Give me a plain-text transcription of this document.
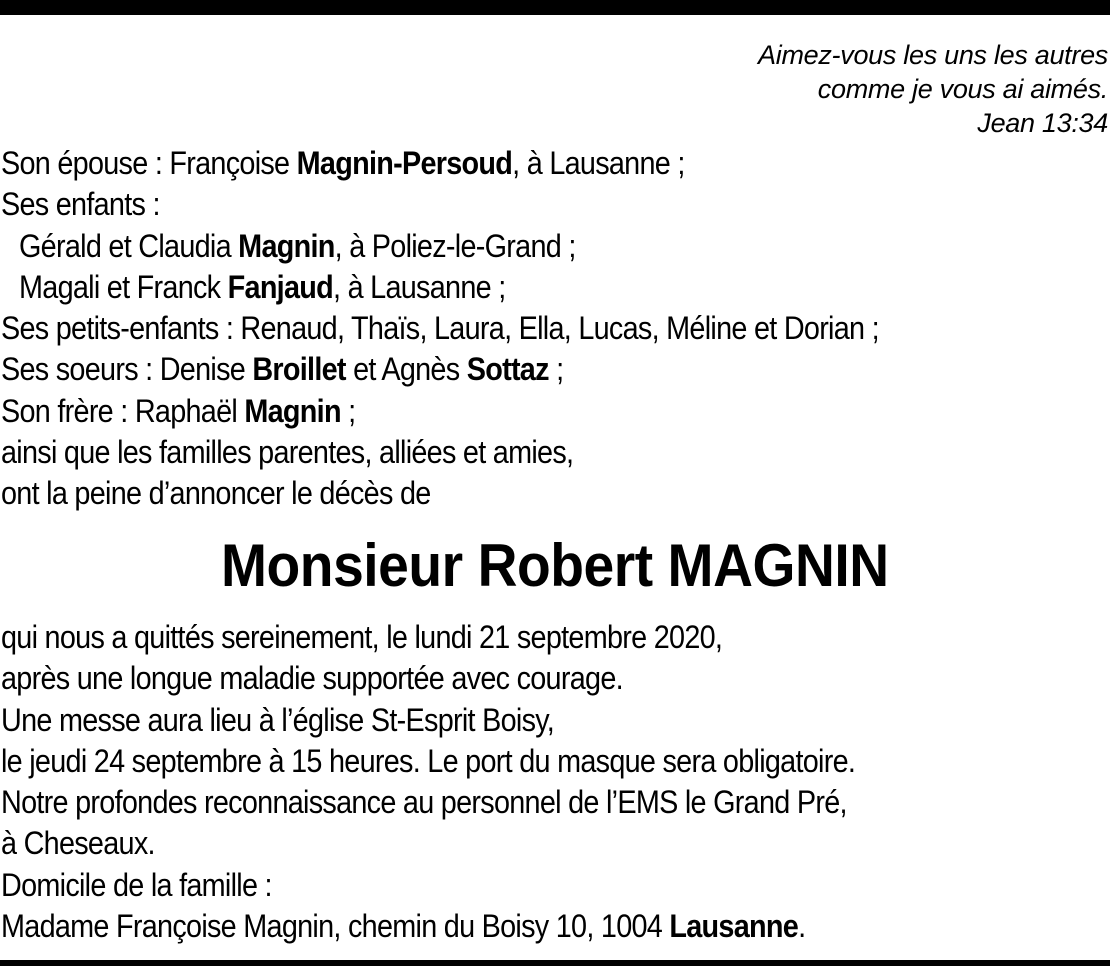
Aimez-vous les uns les autres
comme je vous ai aimés.
Jean 13:34
Son épouse : Françoise Magnin-Persoud, à Lausanne ;
Ses enfants :
Gérald et Claudia Magnin, à Poliez-le-Grand ;
Magali et Franck Fanjaud, à Lausanne ;
Ses petits-enfants : Renaud, Thaïs, Laura, Ella, Lucas, Méline et Dorian ;
Ses soeurs : Denise Broillet et Agnès Sottaz ;
Son frère : Raphaël Magnin ;
ainsi que les familles parentes, alliées et amies,
ont la peine d’annoncer le décès de
Monsieur Robert MAGNIN
qui nous a quittés sereinement, le lundi 21 septembre 2020,
après une longue maladie supportée avec courage.
Une messe aura lieu à l’église St-Esprit Boisy,
le jeudi 24 septembre à 15 heures. Le port du masque sera obligatoire.
Notre profondes reconnaissance au personnel de l’EMS le Grand Pré,
à Cheseaux.
Domicile de la famille :
Madame Françoise Magnin, chemin du Boisy 10, 1004 Lausanne.
